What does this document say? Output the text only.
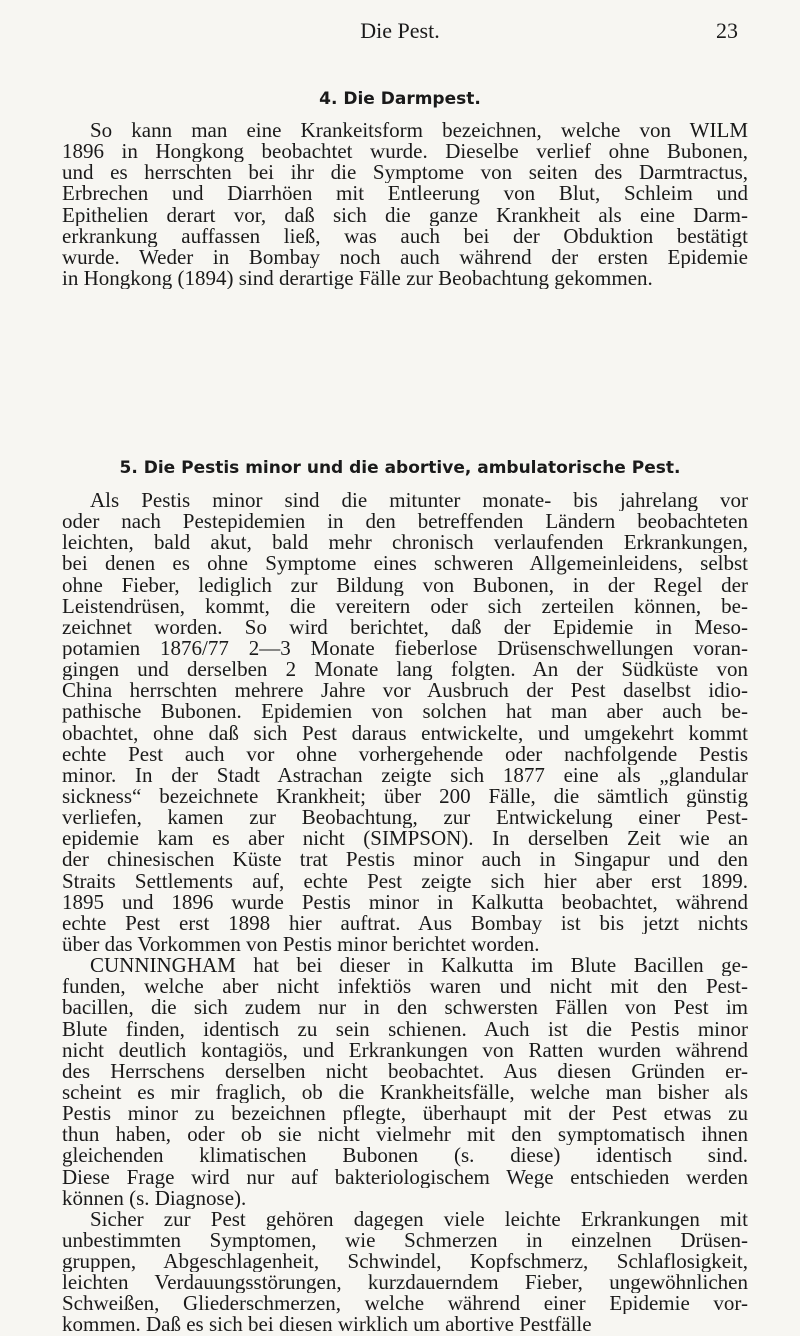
Die Pest.	23
4. Die Darmpest.
So kann man eine Krankeitsform bezeichnen, welche von WILM
1896 in Hongkong beobachtet wurde. Dieselbe verlief ohne Bubonen,
und es herrschten bei ihr die Symptome von seiten des Darmtractus,
Erbrechen und Diarrhöen mit Entleerung von Blut, Schleim und
Epithelien derart vor, daß sich die ganze Krankheit als eine Darm-
erkrankung auffassen ließ, was auch bei der Obduktion bestätigt
wurde. Weder in Bombay noch auch während der ersten Epidemie
in Hongkong (1894) sind derartige Fälle zur Beobachtung gekommen.
5. Die Pestis minor und die abortive, ambulatorische Pest.
Als Pestis minor sind die mitunter monate- bis jahrelang vor
oder nach Pestepidemien in den betreffenden Ländern beobachteten
leichten, bald akut, bald mehr chronisch verlaufenden Erkrankungen,
bei denen es ohne Symptome eines schweren Allgemeinleidens, selbst
ohne Fieber, lediglich zur Bildung von Bubonen, in der Regel der
Leistendrüsen, kommt, die vereitern oder sich zerteilen können, be-
zeichnet worden. So wird berichtet, daß der Epidemie in Meso-
potamien 1876/77 2—3 Monate fieberlose Drüsenschwellungen voran-
gingen und derselben 2 Monate lang folgten. An der Südküste von
China herrschten mehrere Jahre vor Ausbruch der Pest daselbst idio-
pathische Bubonen. Epidemien von solchen hat man aber auch be-
obachtet, ohne daß sich Pest daraus entwickelte, und umgekehrt kommt
echte Pest auch vor ohne vorhergehende oder nachfolgende Pestis
minor. In der Stadt Astrachan zeigte sich 1877 eine als „glandular
sickness“ bezeichnete Krankheit; über 200 Fälle, die sämtlich günstig
verliefen, kamen zur Beobachtung, zur Entwickelung einer Pest-
epidemie kam es aber nicht (SIMPSON). In derselben Zeit wie an
der chinesischen Küste trat Pestis minor auch in Singapur und den
Straits Settlements auf, echte Pest zeigte sich hier aber erst 1899.
1895 und 1896 wurde Pestis minor in Kalkutta beobachtet, während
echte Pest erst 1898 hier auftrat. Aus Bombay ist bis jetzt nichts
über das Vorkommen von Pestis minor berichtet worden.
CUNNINGHAM hat bei dieser in Kalkutta im Blute Bacillen ge-
funden, welche aber nicht infektiös waren und nicht mit den Pest-
bacillen, die sich zudem nur in den schwersten Fällen von Pest im
Blute finden, identisch zu sein schienen. Auch ist die Pestis minor
nicht deutlich kontagiös, und Erkrankungen von Ratten wurden während
des Herrschens derselben nicht beobachtet. Aus diesen Gründen er-
scheint es mir fraglich, ob die Krankheitsfälle, welche man bisher als
Pestis minor zu bezeichnen pflegte, überhaupt mit der Pest etwas zu
thun haben, oder ob sie nicht vielmehr mit den symptomatisch ihnen
gleichenden klimatischen Bubonen (s. diese) identisch sind.
Diese Frage wird nur auf bakteriologischem Wege entschieden werden
können (s. Diagnose).
Sicher zur Pest gehören dagegen viele leichte Erkrankungen mit
unbestimmten Symptomen, wie Schmerzen in einzelnen Drüsen-
gruppen, Abgeschlagenheit, Schwindel, Kopfschmerz, Schlaflosigkeit,
leichten Verdauungsstörungen, kurzdauerndem Fieber, ungewöhnlichen
Schweißen, Gliederschmerzen, welche während einer Epidemie vor-
kommen. Daß es sich bei diesen wirklich um abortive Pestfälle
